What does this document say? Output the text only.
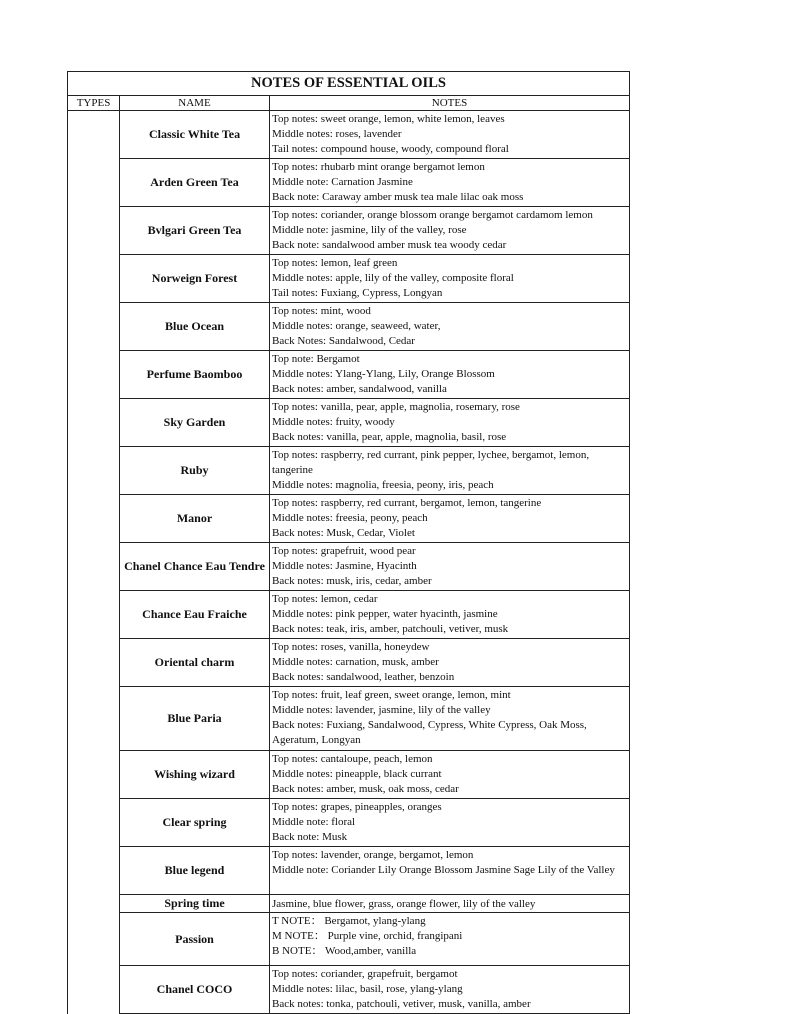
NOTES OF ESSENTIAL OILS		
TYPES	NAME	NOTES
	Classic White Tea	Top notes: sweet orange, lemon, white lemon, leaves
Middle notes: roses, lavender
Tail notes: compound house, woody, compound floral

	Arden Green Tea	Top notes: rhubarb mint orange bergamot lemon
Middle note: Carnation Jasmine
Back note: Caraway amber musk tea male lilac oak moss

	Bvlgari Green Tea	Top notes: coriander, orange blossom orange bergamot cardamom lemon
Middle note: jasmine, lily of the valley, rose
Back note: sandalwood amber musk tea woody cedar

	Norweign Forest	Top notes: lemon, leaf green
Middle notes: apple, lily of the valley, composite floral
Tail notes: Fuxiang, Cypress, Longyan

	Blue Ocean	Top notes: mint, wood
Middle notes: orange, seaweed, water,
Back Notes: Sandalwood, Cedar

	Perfume Baomboo	Top note: Bergamot
Middle notes: Ylang-Ylang, Lily, Orange Blossom
Back notes: amber, sandalwood, vanilla

	Sky Garden	Top notes: vanilla, pear, apple, magnolia, rosemary, rose
Middle notes: fruity, woody
Back notes: vanilla, pear, apple, magnolia, basil, rose

	Ruby	Top notes: raspberry, red currant, pink pepper, lychee, bergamot, lemon, tangerine
Middle notes: magnolia, freesia, peony, iris, peach

	Manor	Top notes: raspberry, red currant, bergamot, lemon, tangerine
Middle notes: freesia, peony, peach
Back notes: Musk, Cedar, Violet

	Chanel Chance Eau Tendre	Top notes: grapefruit, wood pear
Middle notes: Jasmine, Hyacinth
Back notes: musk, iris, cedar, amber

	Chance Eau Fraiche	Top notes: lemon, cedar
Middle notes: pink pepper, water hyacinth, jasmine
Back notes: teak, iris, amber, patchouli, vetiver, musk

	Oriental charm	Top notes: roses, vanilla, honeydew
Middle notes: carnation, musk, amber
Back notes: sandalwood, leather, benzoin

	Blue Paria	Top notes: fruit, leaf green, sweet orange, lemon, mint
Middle notes: lavender, jasmine, lily of the valley
Back notes: Fuxiang, Sandalwood, Cypress, White Cypress, Oak Moss, Ageratum, Longyan

	Wishing wizard	Top notes: cantaloupe, peach, lemon
Middle notes: pineapple, black currant
Back notes: amber, musk, oak moss, cedar

	Clear spring	Top notes: grapes, pineapples, oranges
Middle note: floral
Back note: Musk

	Blue legend	Top notes: lavender, orange, bergamot, lemon
Middle note: Coriander Lily Orange Blossom Jasmine Sage Lily of the Valley

	Spring time	Jasmine, blue flower, grass, orange flower, lily of the valley

	Passion	T NOTE： Bergamot, ylang-ylang
M NOTE： Purple vine, orchid, frangipani
B NOTE： Wood,amber, vanilla

	Chanel COCO	Top notes: coriander, grapefruit, bergamot
Middle notes: lilac, basil, rose, ylang-ylang
Back notes: tonka, patchouli, vetiver, musk, vanilla, amber
